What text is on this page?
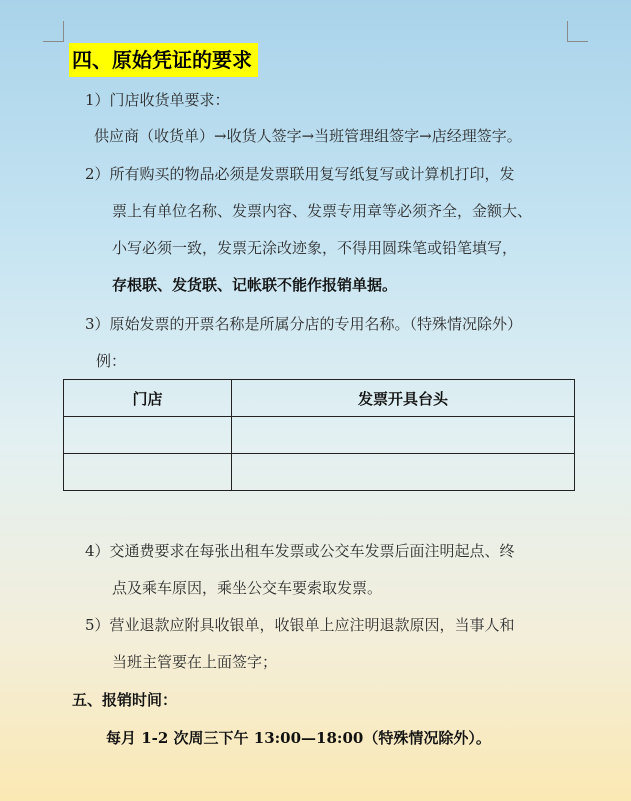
四、原始凭证的要求
1）门店收货单要求：
供应商（收货单）→收货人签字→当班管理组签字→店经理签字。
2）所有购买的物品必须是发票联用复写纸复写或计算机打印，发
票上有单位名称、发票内容、发票专用章等必须齐全，金额大、
小写必须一致，发票无涂改迹象，不得用圆珠笔或铅笔填写，
存根联、发货联、记帐联不能作报销单据。
3）原始发票的开票名称是所属分店的专用名称。（特殊情况除外）
例：
门店	发票开具台头

4）交通费要求在每张出租车发票或公交车发票后面注明起点、终
点及乘车原因，乘坐公交车要索取发票。
5）营业退款应附具收银单，收银单上应注明退款原因，当事人和
当班主管要在上面签字；
五、报销时间：
每月 1-2 次周三下午 13:00—18:00（特殊情况除外）。
